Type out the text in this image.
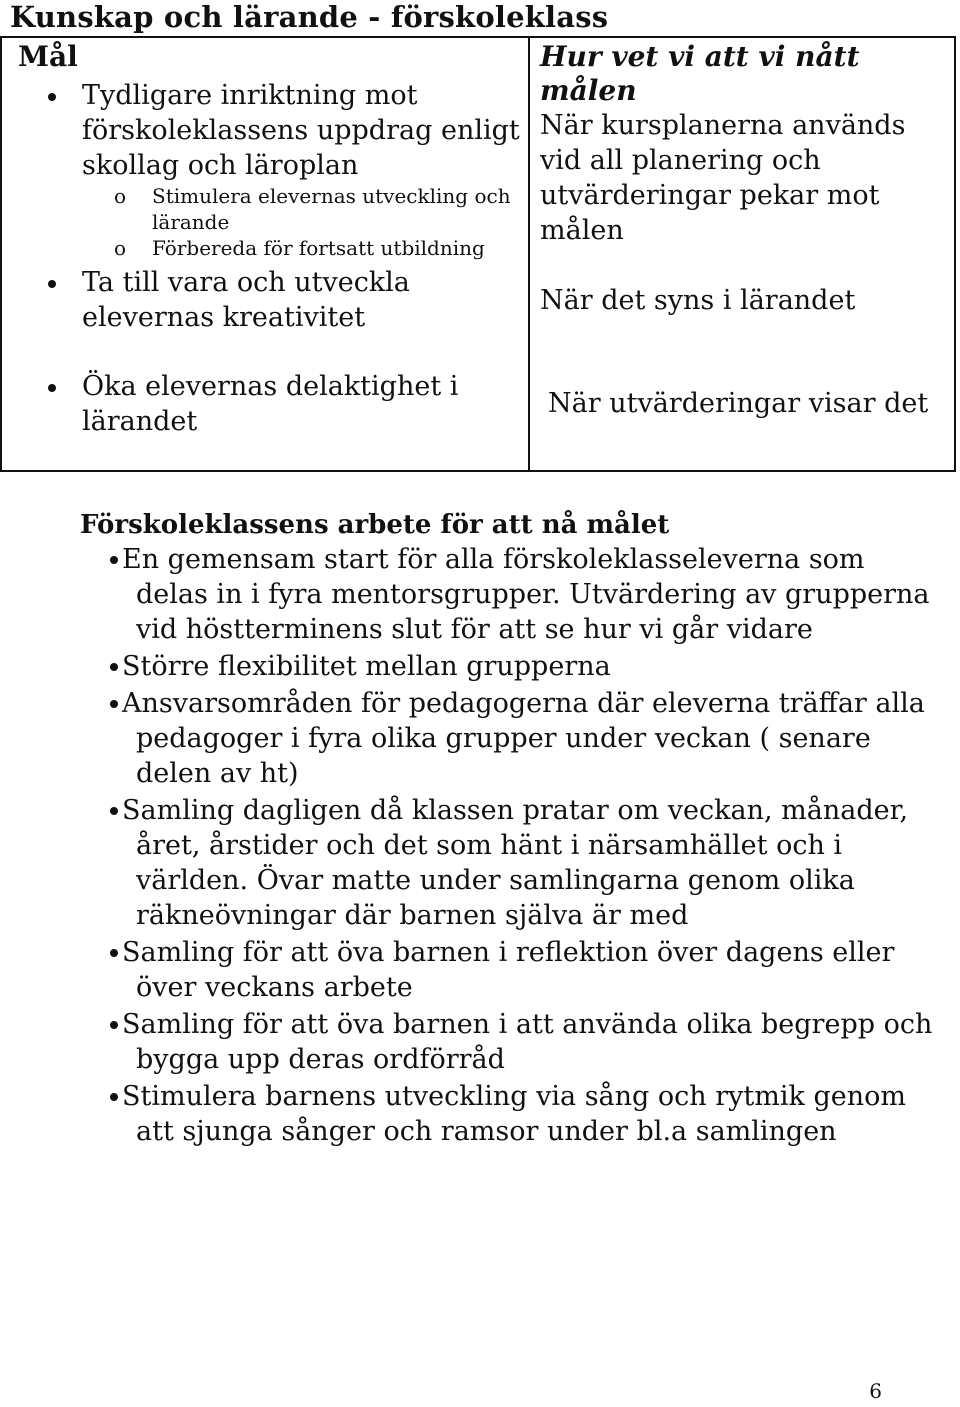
Kunskap och lärande - förskoleklass
Mål
Tydligare inriktning mot förskoleklassens uppdrag enligt skollag och läroplan
o Stimulera elevernas utveckling och lärande
o Förbereda för fortsatt utbildning
Ta till vara och utveckla elevernas kreativitet
Öka elevernas delaktighet i lärandet
Hur vet vi att vi nått målen
När kursplanerna används vid all planering och utvärderingar pekar mot målen
När det syns i lärandet
När utvärderingar visar det
Förskoleklassens arbete för att nå målet
En gemensam start för alla förskoleklasseleverna som delas in i fyra mentorsgrupper. Utvärdering av grupperna vid höstterminens slut för att se hur vi går vidare
Större flexibilitet mellan grupperna
Ansvarsområden för pedagogerna där eleverna träffar alla pedagoger i fyra olika grupper under veckan ( senare delen av ht)
Samling dagligen då klassen pratar om veckan, månader, året, årstider och det som hänt i närsamhället och i världen. Övar matte under samlingarna genom olika räkneövningar där barnen själva är med
Samling för att öva barnen i reflektion över dagens eller över veckans arbete
Samling för att öva barnen i att använda olika begrepp och bygga upp deras ordförråd
Stimulera barnens utveckling via sång och rytmik genom att sjunga sånger och ramsor under bl.a samlingen
6
